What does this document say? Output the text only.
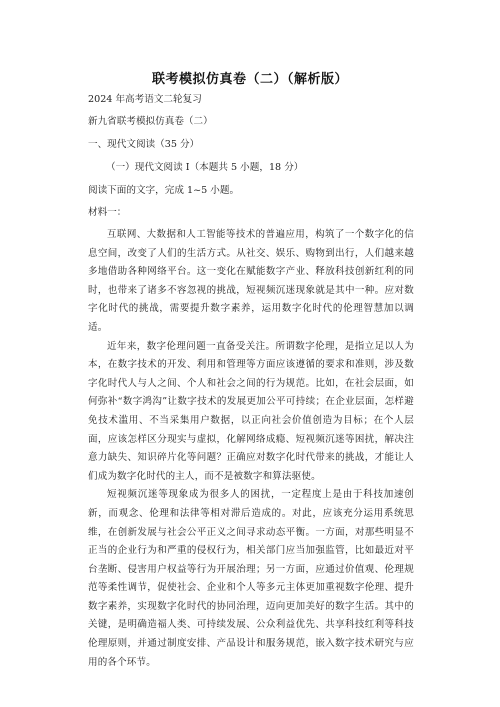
联考模拟仿真卷（二）（解析版）
2024 年高考语文二轮复习
新九省联考模拟仿真卷（二）
一、现代文阅读（35 分）
（一）现代文阅读 I（本题共 5 小题，18 分）
阅读下面的文字，完成 1~5 小题。
材料一：

互联网、大数据和人工智能等技术的普遍应用，构筑了一个数字化的信息空间，改变了人们的生活方式。从社交、娱乐、购物到出行，人们越来越多地借助各种网络平台。这一变化在赋能数字产业、释放科技创新红利的同时，也带来了诸多不容忽视的挑战，短视频沉迷现象就是其中一种。应对数字化时代的挑战，需要提升数字素养，运用数字化时代的伦理智慧加以调适。

近年来，数字伦理问题一直备受关注。所谓数字伦理，是指立足以人为本，在数字技术的开发、利用和管理等方面应该遵循的要求和准则，涉及数字化时代人与人之间、个人和社会之间的行为规范。比如，在社会层面，如何弥补“数字鸿沟”让数字技术的发展更加公平可持续；在企业层面，怎样避免技术滥用、不当采集用户数据，以正向社会价值创造为目标；在个人层面，应该怎样区分现实与虚拟，化解网络成瘾、短视频沉迷等困扰，解决注意力缺失、知识碎片化等问题？正确应对数字化时代带来的挑战，才能让人们成为数字化时代的主人，而不是被数字和算法驱使。

短视频沉迷等现象成为很多人的困扰，一定程度上是由于科技加速创新，而观念、伦理和法律等相对滞后造成的。对此，应该充分运用系统思维，在创新发展与社会公平正义之间寻求动态平衡。一方面，对那些明显不正当的企业行为和严重的侵权行为，相关部门应当加强监管，比如最近对平台垄断、侵害用户权益等行为开展治理；另一方面，应通过价值观、伦理规范等柔性调节，促使社会、企业和个人等多元主体更加重视数字伦理、提升数字素养，实现数字化时代的协同治理，迈向更加美好的数字生活。其中的关键，是明确造福人类、可持续发展、公众利益优先、共享科技红利等科技伦理原则，并通过制度安排、产品设计和服务规范，嵌入数字技术研究与应用的各个环节。
